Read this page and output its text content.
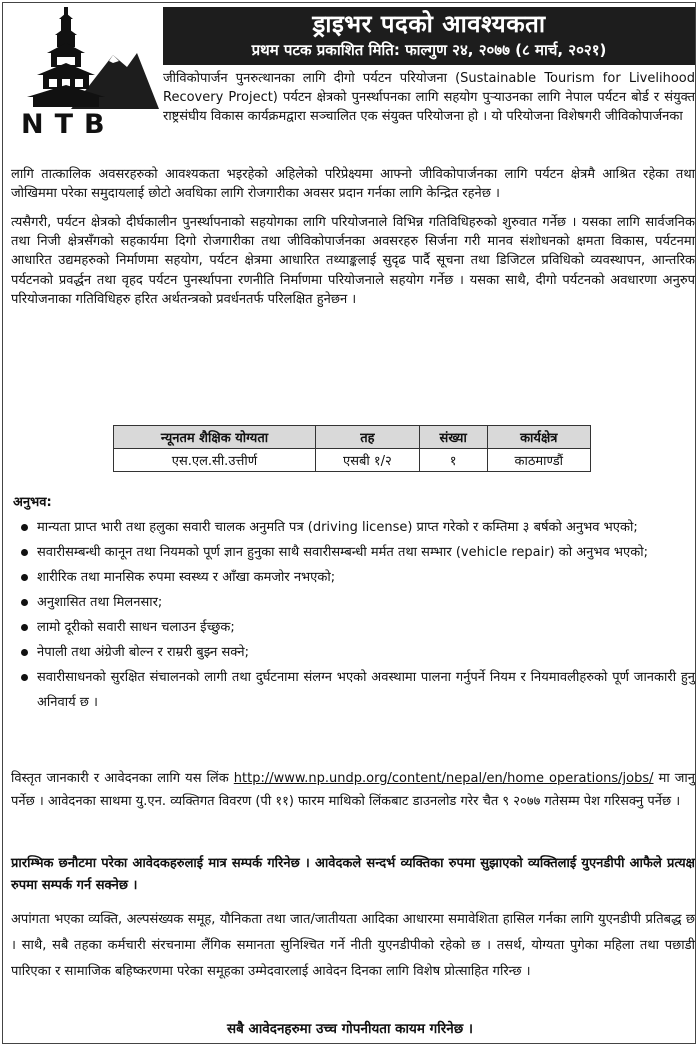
NTB
ड्राइभर पदको आवश्यकता
प्रथम पटक प्रकाशित मिति: फाल्गुण २४, २०७७ (८ मार्च, २०२१)

जीविकोपार्जन पुनरुत्थानका लागि दीगो पर्यटन परियोजना (Sustainable Tourism for Livelihood Recovery Project) पर्यटन क्षेत्रको पुनर्स्थापनका लागि सहयोग पुऱ्याउनका लागि नेपाल पर्यटन बोर्ड र संयुक्त राष्ट्रसंघीय विकास कार्यक्रमद्वारा सञ्चालित एक संयुक्त परियोजना हो । यो परियोजना विशेषगरी जीविकोपार्जनका

लागि तात्कालिक अवसरहरुको आवश्यकता भइरहेको अहिलेको परिप्रेक्ष्यमा आफ्नो जीविकोपार्जनका लागि पर्यटन क्षेत्रमै आश्रित रहेका तथा जोखिममा परेका समुदायलाई छोटो अवधिका लागि रोजगारीका अवसर प्रदान गर्नका लागि केन्द्रित रहनेछ ।

त्यसैगरी, पर्यटन क्षेत्रको दीर्घकालीन पुनर्स्थापनाको सहयोगका लागि परियोजनाले विभिन्न गतिविधिहरुको शुरुवात गर्नेछ । यसका लागि सार्वजनिक तथा निजी क्षेत्रसँगको सहकार्यमा दिगो रोजगारीका तथा जीविकोपार्जनका अवसरहरु सिर्जना गरी मानव संशोधनको क्षमता विकास, पर्यटनमा आधारित उद्यमहरुको निर्माणमा सहयोग, पर्यटन क्षेत्रमा आधारित तथ्याङ्कलाई सुदृढ पार्दै सूचना तथा डिजिटल प्रविधिको व्यवस्थापन, आन्तरिक पर्यटनको प्रवर्द्धन तथा वृहद पर्यटन पुनर्स्थापना रणनीति निर्माणमा परियोजनाले सहयोग गर्नेछ । यसका साथै, दीगो पर्यटनको अवधारणा अनुरुप परियोजनाका गतिविधिहरु हरित अर्थतन्त्रको प्रवर्धनतर्फ परिलक्षित हुनेछन ।

न्यूनतम शैक्षिक योग्यता	तह	संख्या	कार्यक्षेत्र
एस.एल.सी.उत्तीर्ण	एसबी १/२	१	काठमाण्डौं
अनुभव:
मान्यता प्राप्त भारी तथा हलुका सवारी चालक अनुमति पत्र (driving license) प्राप्त गरेको र कम्तिमा ३ बर्षको अनुभव भएको;
सवारीसम्बन्धी कानून तथा नियमको पूर्ण ज्ञान हुनुका साथै सवारीसम्बन्धी मर्मत तथा सम्भार (vehicle repair) को अनुभव भएको;
शारीरिक तथा मानसिक रुपमा स्वस्थ्य र आँखा कमजोर नभएको;
अनुशासित तथा मिलनसार;
लामो दूरीको सवारी साधन चलाउन ईच्छुक;
नेपाली तथा अंग्रेजी बोल्न र राम्ररी बुझ्न सक्ने;
सवारीसाधनको सुरक्षित संचालनको लागी तथा दुर्घटनामा संलग्न भएको अवस्थामा पालना गर्नुपर्ने नियम र नियमावलीहरुको पूर्ण जानकारी हुनु अनिवार्य छ ।

विस्तृत जानकारी र आवेदनका लागि यस लिंक http://www.np.undp.org/content/nepal/en/home operations/jobs/ मा जानु पर्नेछ । आवेदनका साथमा यु.एन. व्यक्तिगत विवरण (पी ११) फारम माथिको लिंकबाट डाउनलोड गरेर चैत ९ २०७७ गतेसम्म पेश गरिसक्नु पर्नेछ ।

प्रारम्भिक छनौटमा परेका आवेदकहरुलाई मात्र सम्पर्क गरिनेछ । आवेदकले सन्दर्भ व्यक्तिका रुपमा सुझाएको व्यक्तिलाई युएनडीपी आफैले प्रत्यक्ष रुपमा सम्पर्क गर्न सक्नेछ ।

अपांगता भएका व्यक्ति, अल्पसंख्यक समूह, यौनिकता तथा जात/जातीयता आदिका आधारमा समावेशिता हासिल गर्नका लागि युएनडीपी प्रतिबद्ध छ । साथै, सबै तहका कर्मचारी संरचनामा लैंगिक समानता सुनिश्चित गर्ने नीती युएनडीपीको रहेको छ । तसर्थ, योग्यता पुगेका महिला तथा पछाडी पारिएका र सामाजिक बहिष्करणमा परेका समूहका उम्मेदवारलाई आवेदन दिनका लागि विशेष प्रोत्साहित गरिन्छ ।

सबै आवेदनहरुमा उच्च गोपनीयता कायम गरिनेछ ।
